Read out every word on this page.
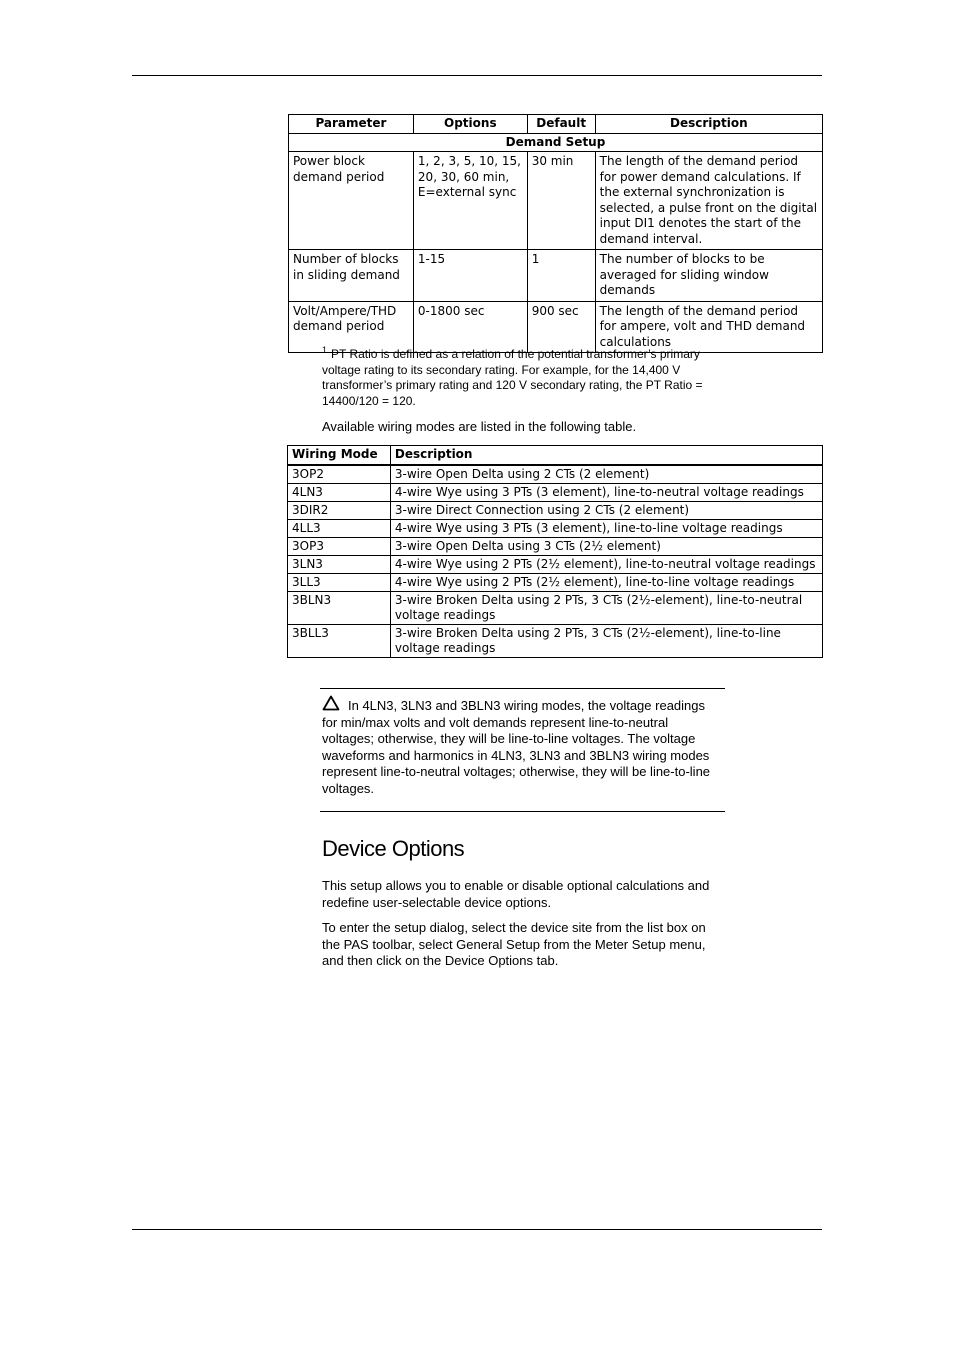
Parameter	Options	Default	Description
Demand Setup			
Power block demand period	1, 2, 3, 5, 10, 15, 20, 30, 60 min, E=external sync	30 min	The length of the demand period for power demand calculations. If the external synchronization is selected, a pulse front on the digital input DI1 denotes the start of the demand interval.
Number of blocks in sliding demand	1-15	1	The number of blocks to be averaged for sliding window demands
Volt/Ampere/THD demand period	0-1800 sec	900 sec	The length of the demand period for ampere, volt and THD demand calculations
$^1$ PT Ratio is defined as a relation of the potential transformer’s primary voltage rating to its secondary rating. For example, for the 14,400 V transformer’s primary rating and 120 V secondary rating, the PT Ratio = 14400/120 = 120.
Available wiring modes are listed in the following table.
Wiring Mode	Description
3OP2	3-wire Open Delta using 2 CTs (2 element)
4LN3	4-wire Wye using 3 PTs (3 element), line-to-neutral voltage readings
3DIR2	3-wire Direct Connection using 2 CTs (2 element)
4LL3	4-wire Wye using 3 PTs (3 element), line-to-line voltage readings
3OP3	3-wire Open Delta using 3 CTs (2½ element)
3LN3	4-wire Wye using 2 PTs (2½ element), line-to-neutral voltage readings
3LL3	4-wire Wye using 2 PTs (2½ element), line-to-line voltage readings
3BLN3	3-wire Broken Delta using 2 PTs, 3 CTs (2½-element), line-to-neutral voltage readings
3BLL3	3-wire Broken Delta using 2 PTs, 3 CTs (2½-element), line-to-line voltage readings
In 4LN3, 3LN3 and 3BLN3 wiring modes, the voltage readings for min/max volts and volt demands represent line-to-neutral voltages; otherwise, they will be line-to-line voltages. The voltage waveforms and harmonics in 4LN3, 3LN3 and 3BLN3 wiring modes represent line-to-neutral voltages; otherwise, they will be line-to-line voltages.
Device Options
This setup allows you to enable or disable optional calculations and redefine user-selectable device options.
To enter the setup dialog, select the device site from the list box on the PAS toolbar, select General Setup from the Meter Setup menu, and then click on the Device Options tab.
